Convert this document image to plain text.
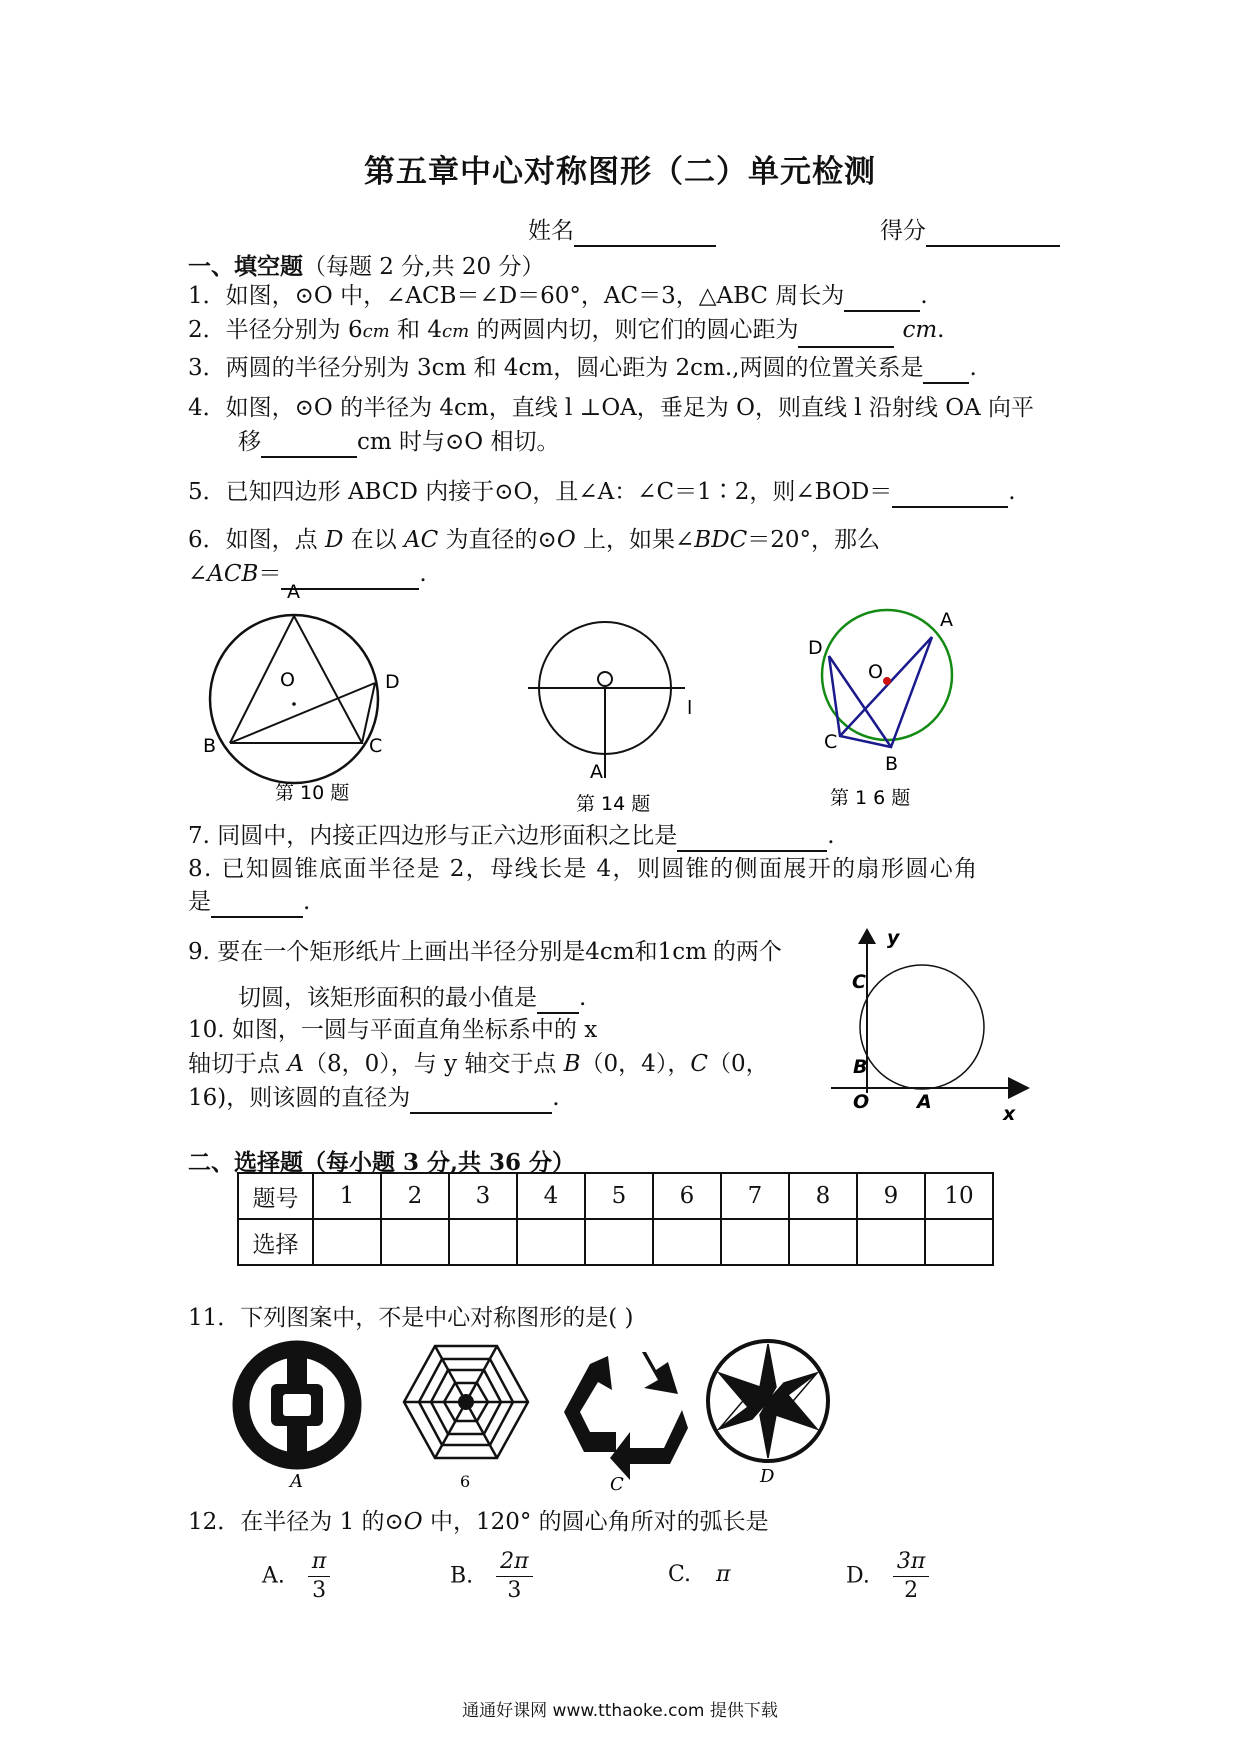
第五章中心对称图形（二）单元检测
姓名	得分
一、填空题（每题 2 分,共 20 分）
1．如图，⊙O 中，∠ACB＝∠D＝60°，AC＝3，△ABC 周长为	.
2．半径分别为 6cm 和 4cm 的两圆内切，则它们的圆心距为	cm.
3．两圆的半径分别为 3cm 和 4cm，圆心距为 2cm.,两圆的位置关系是 .
4．如图，⊙O 的半径为 4cm，直线 l ⊥OA，垂足为 O，则直线 l 沿射线 OA 向平
移	cm 时与⊙O 相切。
5．已知四边形 ABCD 内接于⊙O，且∠A：∠C＝1∶2，则∠BOD＝	.
6．如图，点 D 在以 AC 为直径的⊙O 上，如果∠BDC＝20°，那么
∠ACB＝	.
A
B	C
D
O
第 10 题
l
A
第 14 题
A
B
C
D
O
第 1 6 题
7. 同圆中，内接正四边形与正六边形面积之比是	.
8. 已知圆锥底面半径是 2，母线长是 4，则圆锥的侧面展开的扇形圆心角
是	.
9. 要在一个矩形纸片上画出半径分别是4cm和1cm 的两个
切圆，该矩形面积的最小值是 .
10. 如图，一圆与平面直角坐标系中的 x
轴切于点 A（8，0），与 y 轴交于点 B（0，4），C（0，
16)，则该圆的直径为	.
y
x
O	A
B
C
二、选择题（每小题 3 分,共 36 分）
题号	1	2	3	4	5	6	7	8	9	10
选择										
11．下列图案中，不是中心对称图形的是( )
A	6	C	D
12．在半径为 1 的⊙O 中，120° 的圆心角所对的弧长是
A. $\frac{\pi}{3}$	B. $\frac{2\pi}{3}$	C. π	D. $\frac{3\pi}{2}$
通通好课网 www.tthaoke.com 提供下载
